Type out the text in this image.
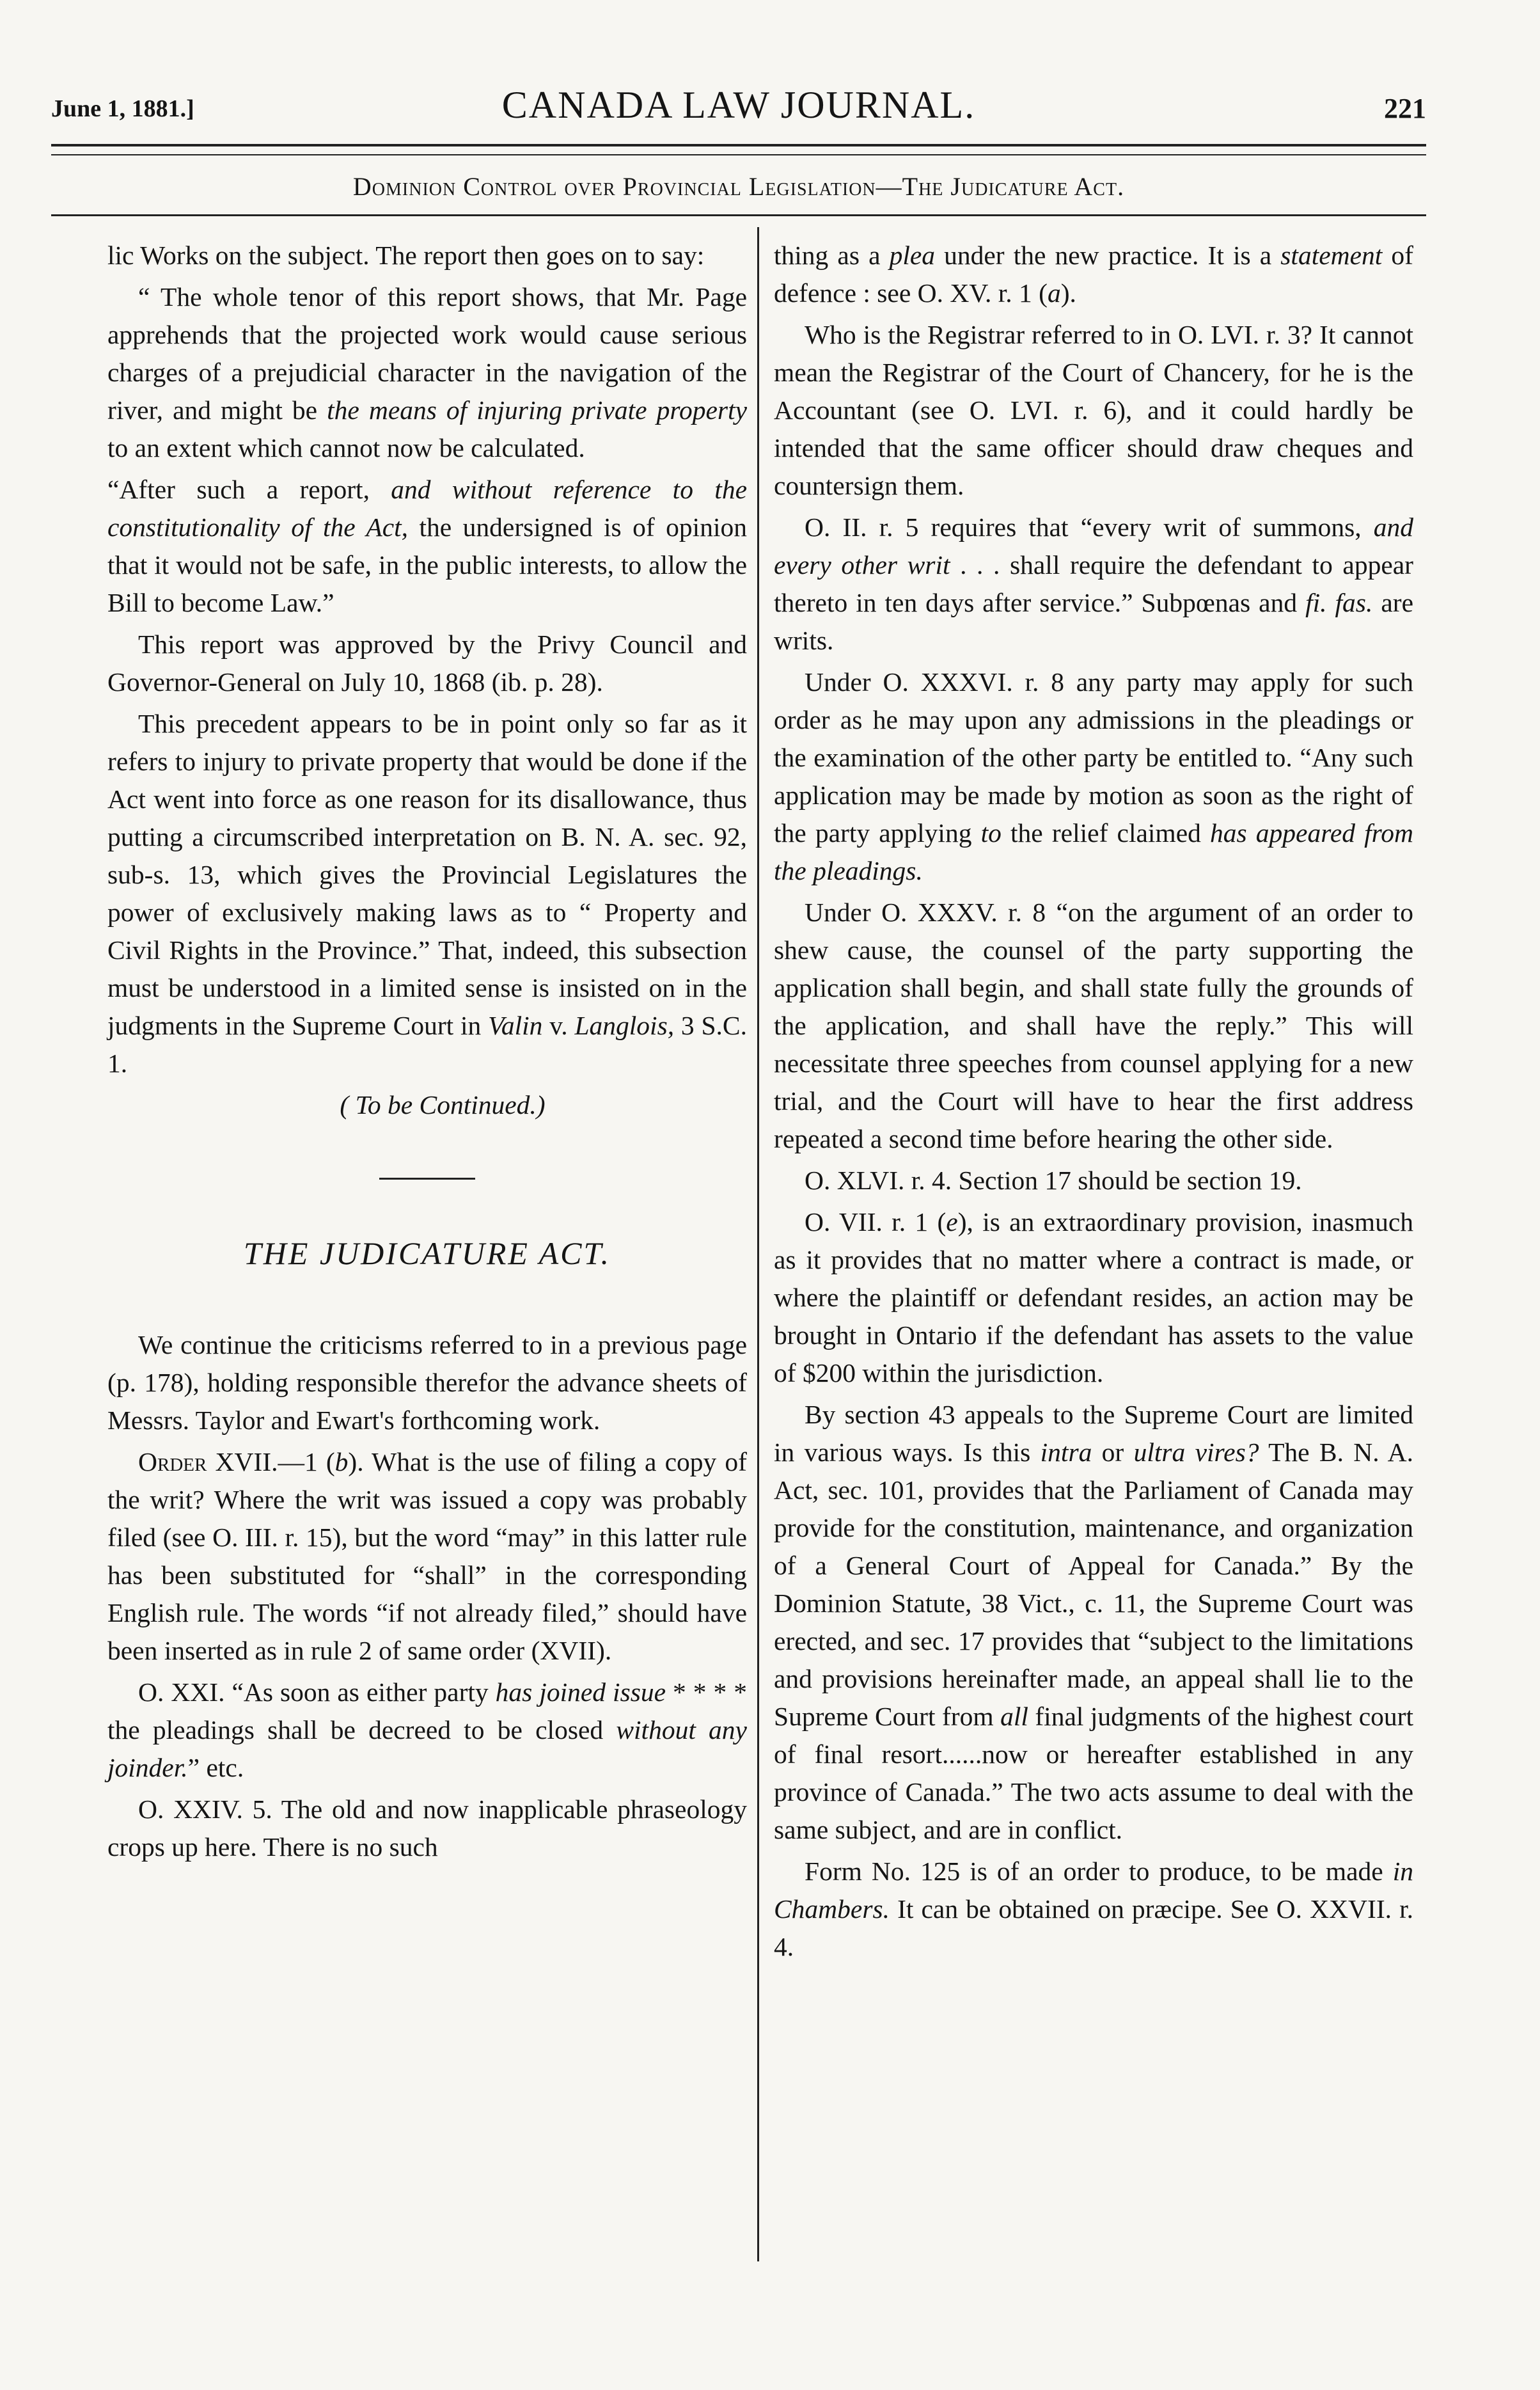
June 1, 1881.]	CANADA LAW JOURNAL.	221
Dominion Control over Provincial Legislation—The Judicature Act.

lic Works on the subject. The report then goes on to say:

“ The whole tenor of this report shows, that Mr. Page apprehends that the projected work would cause serious charges of a prejudicial character in the navigation of the river, and might be the means of injuring private property to an extent which cannot now be calculated.

“After such a report, and without reference to the constitutionality of the Act, the undersigned is of opinion that it would not be safe, in the public interests, to allow the Bill to become Law.”

This report was approved by the Privy Council and Governor-General on July 10, 1868 (ib. p. 28).

This precedent appears to be in point only so far as it refers to injury to private property that would be done if the Act went into force as one reason for its disallowance, thus putting a circumscribed interpretation on B. N. A. sec. 92, sub-s. 13, which gives the Provincial Legislatures the power of exclusively making laws as to “ Property and Civil Rights in the Province.” That, indeed, this subsection must be understood in a limited sense is insisted on in the judgments in the Supreme Court in Valin v. Langlois, 3 S.C. 1.

( To be Continued.)

THE JUDICATURE ACT.

We continue the criticisms referred to in a previous page (p. 178), holding responsible therefor the advance sheets of Messrs. Taylor and Ewart's forthcoming work.

Order XVII.—1 (b). What is the use of filing a copy of the writ? Where the writ was issued a copy was probably filed (see O. III. r. 15), but the word “may” in this latter rule has been substituted for “shall” in the corresponding English rule. The words “if not already filed,” should have been inserted as in rule 2 of same order (XVII).

O. XXI. “As soon as either party has joined issue * * * * the pleadings shall be decreed to be closed without any joinder.” etc.

O. XXIV. 5. The old and now inapplicable phraseology crops up here. There is no such

thing as a plea under the new practice. It is a statement of defence : see O. XV. r. 1 (a).

Who is the Registrar referred to in O. LVI. r. 3? It cannot mean the Registrar of the Court of Chancery, for he is the Accountant (see O. LVI. r. 6), and it could hardly be intended that the same officer should draw cheques and countersign them.

O. II. r. 5 requires that “every writ of summons, and every other writ . . . shall require the defendant to appear thereto in ten days after service.” Subpœnas and fi. fas. are writs.

Under O. XXXVI. r. 8 any party may apply for such order as he may upon any admissions in the pleadings or the examination of the other party be entitled to. “Any such application may be made by motion as soon as the right of the party applying to the relief claimed has appeared from the pleadings.

Under O. XXXV. r. 8 “on the argument of an order to shew cause, the counsel of the party supporting the application shall begin, and shall state fully the grounds of the application, and shall have the reply.” This will necessitate three speeches from counsel applying for a new trial, and the Court will have to hear the first address repeated a second time before hearing the other side.

O. XLVI. r. 4. Section 17 should be section 19.

O. VII. r. 1 (e), is an extraordinary provision, inasmuch as it provides that no matter where a contract is made, or where the plaintiff or defendant resides, an action may be brought in Ontario if the defendant has assets to the value of $200 within the jurisdiction.

By section 43 appeals to the Supreme Court are limited in various ways. Is this intra or ultra vires? The B. N. A. Act, sec. 101, provides that the Parliament of Canada may provide for the constitution, maintenance, and organization of a General Court of Appeal for Canada.” By the Dominion Statute, 38 Vict., c. 11, the Supreme Court was erected, and sec. 17 provides that “subject to the limitations and provisions hereinafter made, an appeal shall lie to the Supreme Court from all final judgments of the highest court of final resort......now or hereafter established in any province of Canada.” The two acts assume to deal with the same subject, and are in conflict.

Form No. 125 is of an order to produce, to be made in Chambers. It can be obtained on præcipe. See O. XXVII. r. 4.
